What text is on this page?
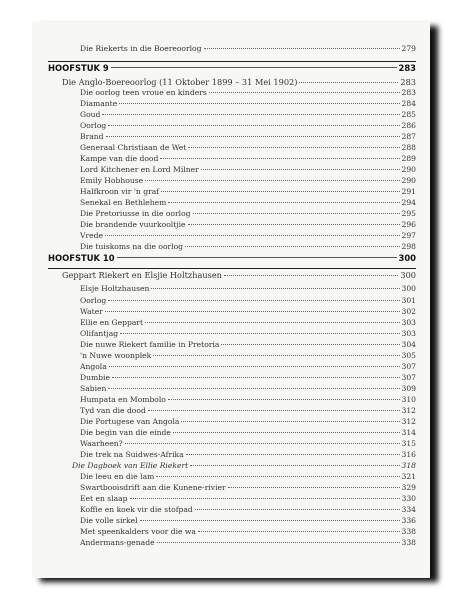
Die Riekerts in die Boereoorlog	279
HOOFSTUK 9	283
Die Anglo-Boereoorlog (11 Oktober 1899 – 31 Mei 1902)	283
Die oorlog teen vroue en kinders	283
Diamante	284
Goud	285
Oorlog	286
Brand	287
Generaal Christiaan de Wet	288
Kampe van die dood	289
Lord Kitchener en Lord Milner	290
Emily Hobhouse	290
Halfkroon vir 'n graf	291
Senekal en Bethlehem	294
Die Pretoriusse in die oorlog	295
Die brandende vuurkooltjie	296
Vrede	297
Die tuiskoms na die oorlog	298
HOOFSTUK 10	300
Geppart Riekert en Elsjie Holtzhausen	300
Elsje Holtzhausen	300
Oorlog	301
Water	302
Ellie en Geppart	303
Olifantjag	303
Die nuwe Riekert familie in Pretoria	304
'n Nuwe woonplek	305
Angola	307
Dumbie	307
Sabien	309
Humpata en Mombolo	310
Tyd van die dood	312
Die Portugese van Angola	312
Die begin van die einde	314
Waarheen?	315
Die trek na Suidwes-Afrika	316
Die Dagboek van Ellie Riekert	318
Die leeu en die lam	321
Swartbooisdrift aan die Kunene-rivier	329
Eet en slaap	330
Koffie en koek vir die stofpad	334
Die volle sirkel	336
Met speenkalders voor die wa	338
Andermans-genade	338
